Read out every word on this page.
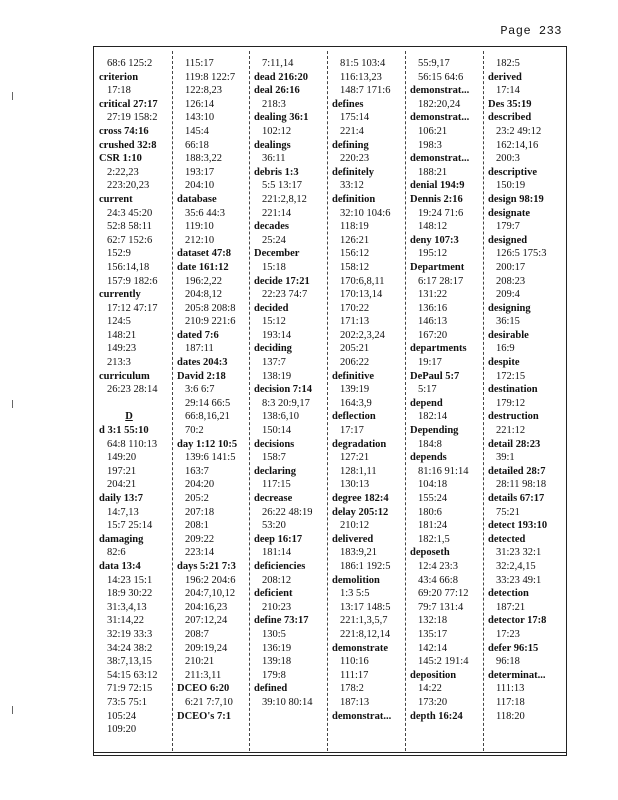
Page 233
68:6 125:2
criterion
17:18
critical 27:17
27:19 158:2
cross 74:16
crushed 32:8
CSR 1:10
2:22,23
223:20,23
current
24:3 45:20
52:8 58:11
62:7 152:6
152:9
156:14,18
157:9 182:6
currently
17:12 47:17
124:5
148:21
149:23
213:3
curriculum
26:23 28:14

D
d 3:1 55:10
64:8 110:13
149:20
197:21
204:21
daily 13:7
14:7,13
15:7 25:14
damaging
82:6
data 13:4
14:23 15:1
18:9 30:22
31:3,4,13
31:14,22
32:19 33:3
34:24 38:2
38:7,13,15
54:15 63:12
71:9 72:15
73:5 75:1
105:24
109:20
115:17
119:8 122:7
122:8,23
126:14
143:10
145:4
66:18
188:3,22
193:17
204:10
database
35:6 44:3
119:10
212:10
dataset 47:8
date 161:12
196:2,22
204:8,12
205:8 208:8
210:9 221:6
dated 7:6
187:11
dates 204:3
David 2:18
3:6 6:7
29:14 66:5
66:8,16,21
70:2
day 1:12 10:5
139:6 141:5
163:7
204:20
205:2
207:18
208:1
209:22
223:14
days 5:21 7:3
196:2 204:6
204:7,10,12
204:16,23
207:12,24
208:7
209:19,24
210:21
211:3,11
DCEO 6:20
6:21 7:7,10
DCEO's 7:1
7:11,14
dead 216:20
deal 26:16
218:3
dealing 36:1
102:12
dealings
36:11
debris 1:3
5:5 13:17
221:2,8,12
221:14
decades
25:24
December
15:18
decide 17:21
22:23 74:7
decided
15:12
193:14
deciding
137:7
138:19
decision 7:14
8:3 20:9,17
138:6,10
150:14
decisions
158:7
declaring
117:15
decrease
26:22 48:19
53:20
deep 16:17
181:14
deficiencies
208:12
deficient
210:23
define 73:17
130:5
136:19
139:18
179:8
defined
39:10 80:14
81:5 103:4
116:13,23
148:7 171:6
defines
175:14
221:4
defining
220:23
definitely
33:12
definition
32:10 104:6
118:19
126:21
156:12
158:12
170:6,8,11
170:13,14
170:22
171:13
202:2,3,24
205:21
206:22
definitive
139:19
164:3,9
deflection
17:17
degradation
127:21
128:1,11
130:13
degree 182:4
delay 205:12
210:12
delivered
183:9,21
186:1 192:5
demolition
1:3 5:5
13:17 148:5
221:1,3,5,7
221:8,12,14
demonstrate
110:16
111:17
178:2
187:13
demonstrat...
55:9,17
56:15 64:6
demonstrat...
182:20,24
demonstrat...
106:21
198:3
demonstrat...
188:21
denial 194:9
Dennis 2:16
19:24 71:6
148:12
deny 107:3
195:12
Department
6:17 28:17
131:22
136:16
146:13
167:20
departments
19:17
DePaul 5:7
5:17
depend
182:14
Depending
184:8
depends
81:16 91:14
104:18
155:24
180:6
181:24
182:1,5
deposeth
12:4 23:3
43:4 66:8
69:20 77:12
79:7 131:4
132:18
135:17
142:14
145:2 191:4
deposition
14:22
173:20
depth 16:24
182:5
derived
17:14
Des 35:19
described
23:2 49:12
162:14,16
200:3
descriptive
150:19
design 98:19
designate
179:7
designed
126:5 175:3
200:17
208:23
209:4
designing
36:15
desirable
16:9
despite
172:15
destination
179:12
destruction
221:12
detail 28:23
39:1
detailed 28:7
28:11 98:18
details 67:17
75:21
detect 193:10
detected
31:23 32:1
32:2,4,15
33:23 49:1
detection
187:21
detector 17:8
17:23
defer 96:15
96:18
determinat...
111:13
117:18
118:20
